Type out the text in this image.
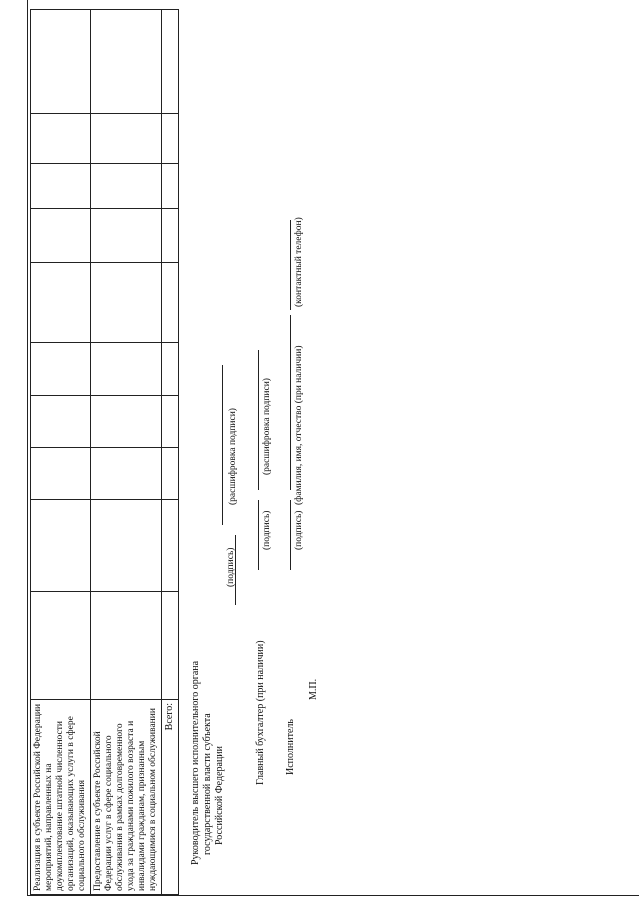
Реализация в субъекте Российской Федерации мероприятий, направленных на доукомплектование штатной численности организаций, оказывающих услуги в сфере социального обслуживания										
Предоставление в субъекте Российской Федерации услуг в сфере социального обслуживания в рамках долговременного ухода за гражданами пожилого возраста и инвалидами гражданам, признанным нуждающимися в социальном обслуживании										
Всего:										Руководитель высшего исполнительного органа государственной власти субъекта Российской Федерации
(подпись)
(расшифровка подписи)
Главный бухгалтер (при наличии)
(подпись)
(расшифровка подписи)
Исполнитель
(подпись)
(фамилия, имя, отчество (при наличии)
(контактный телефон)
М.П.
